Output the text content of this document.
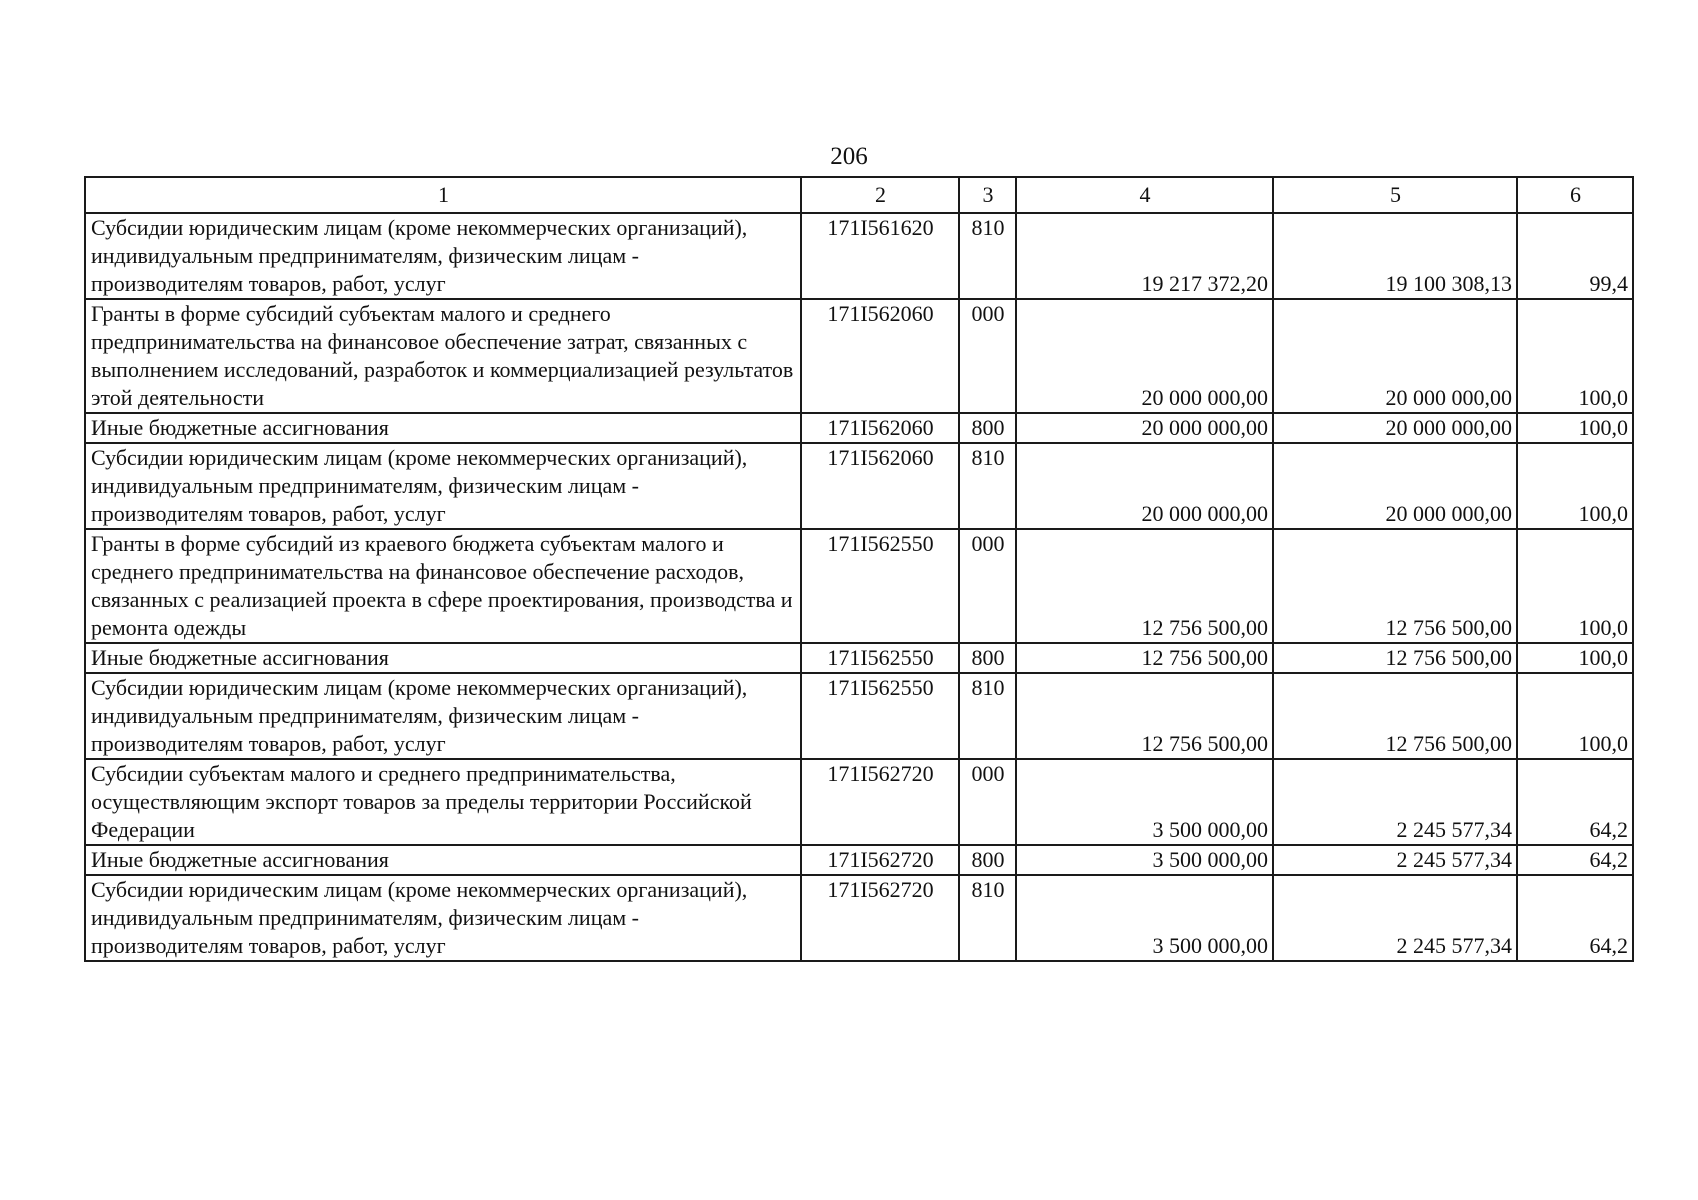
206
1	2	3	4	5	6
Субсидии юридическим лицам (кроме некоммерческих организаций), индивидуальным предпринимателям, физическим лицам - производителям товаров, работ, услуг	171I561620	810	19 217 372,20	19 100 308,13	99,4
Гранты в форме субсидий субъектам малого и среднего предпринимательства на финансовое обеспечение затрат, связанных с выполнением исследований, разработок и коммерциализацией результатов этой деятельности	171I562060	000	20 000 000,00	20 000 000,00	100,0
Иные бюджетные ассигнования	171I562060	800	20 000 000,00	20 000 000,00	100,0
Субсидии юридическим лицам (кроме некоммерческих организаций), индивидуальным предпринимателям, физическим лицам - производителям товаров, работ, услуг	171I562060	810	20 000 000,00	20 000 000,00	100,0
Гранты в форме субсидий из краевого бюджета субъектам малого и среднего предпринимательства на финансовое обеспечение расходов, связанных с реализацией проекта в сфере проектирования, производства и ремонта одежды	171I562550	000	12 756 500,00	12 756 500,00	100,0
Иные бюджетные ассигнования	171I562550	800	12 756 500,00	12 756 500,00	100,0
Субсидии юридическим лицам (кроме некоммерческих организаций), индивидуальным предпринимателям, физическим лицам - производителям товаров, работ, услуг	171I562550	810	12 756 500,00	12 756 500,00	100,0
Субсидии субъектам малого и среднего предпринимательства, осуществляющим экспорт товаров за пределы территории Российской Федерации	171I562720	000	3 500 000,00	2 245 577,34	64,2
Иные бюджетные ассигнования	171I562720	800	3 500 000,00	2 245 577,34	64,2
Субсидии юридическим лицам (кроме некоммерческих организаций), индивидуальным предпринимателям, физическим лицам - производителям товаров, работ, услуг	171I562720	810	3 500 000,00	2 245 577,34	64,2
